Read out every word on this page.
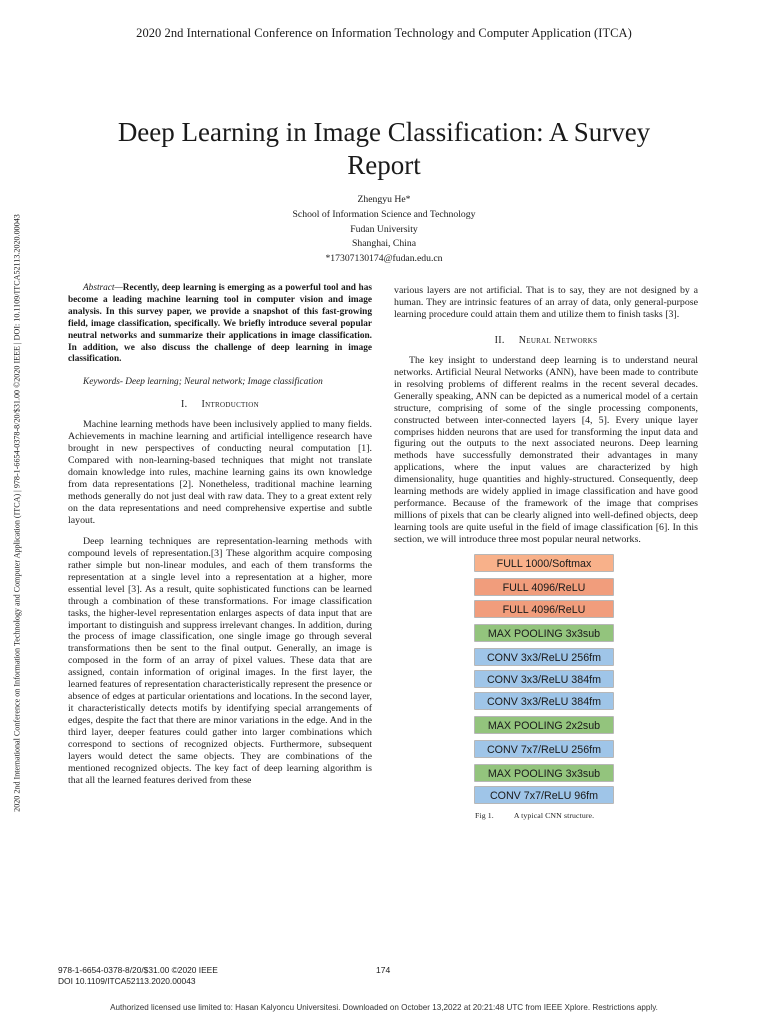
2020 2nd International Conference on Information Technology and Computer Application (ITCA)
2020 2nd International Conference on Information Technology and Computer Application (ITCA) | 978-1-6654-0378-8/20/$31.00 ©2020 IEEE | DOI: 10.1109/ITCA52113.2020.00043
Deep Learning in Image Classification: A Survey Report
Zhengyu He*
School of Information Science and Technology
Fudan University
Shanghai, China
*17307130174@fudan.edu.cn

Abstract—Recently, deep learning is emerging as a powerful tool and has become a leading machine learning tool in computer vision and image analysis. In this survey paper, we provide a snapshot of this fast-growing field, image classification, specifically. We briefly introduce several popular neutral networks and summarize their applications in image classification. In addition, we also discuss the challenge of deep learning in image classification.

Keywords- Deep learning; Neural network; Image classification

I. Introduction

Machine learning methods have been inclusively applied to many fields. Achievements in machine learning and artificial intelligence research have brought in new perspectives of conducting neural computation [1]. Compared with non-learning-based techniques that might not translate domain knowledge into rules, machine learning gains its own knowledge from data representations [2]. Nonetheless, traditional machine learning methods generally do not just deal with raw data. They to a great extent rely on the data representations and need comprehensive expertise and subtle layout.

Deep learning techniques are representation-learning methods with compound levels of representation.[3] These algorithm acquire composing rather simple but non-linear modules, and each of them transforms the representation at a single level into a representation at a higher, more essential level [3]. As a result, quite sophisticated functions can be learned through a combination of these transformations. For image classification tasks, the higher-level representation enlarges aspects of data input that are important to distinguish and suppress irrelevant changes. In addition, during the process of image classification, one single image go through several transformations then be sent to the final output. Generally, an image is composed in the form of an array of pixel values. These data that are assigned, contain information of original images. In the first layer, the learned features of representation characteristically represent the presence or absence of edges at particular orientations and locations. In the second layer, it characteristically detects motifs by identifying special arrangements of edges, despite the fact that there are minor variations in the edge. And in the third layer, deeper features could gather into larger combinations which correspond to sections of recognized objects. Furthermore, subsequent layers would detect the same objects. They are combinations of the mentioned recognized objects. The key fact of deep learning algorithm is that all the learned features derived from these

various layers are not artificial. That is to say, they are not designed by a human. They are intrinsic features of an array of data, only general-purpose learning procedure could attain them and utilize them to finish tasks [3].

II. Neural Networks

The key insight to understand deep learning is to understand neural networks. Artificial Neural Networks (ANN), have been made to contribute in resolving problems of different realms in the recent several decades. Generally speaking, ANN can be depicted as a numerical model of a certain structure, comprising of some of the single processing components, constructed between inter-connected layers [4, 5]. Every unique layer comprises hidden neurons that are used for transforming the input data and figuring out the outputs to the next associated neurons. Deep learning methods have successfully demonstrated their advantages in many applications, where the input values are characterized by high dimensionality, huge quantities and highly-structured. Consequently, deep learning methods are widely applied in image classification and have good performance. Because of the framework of the image that comprises millions of pixels that can be clearly aligned into well-defined objects, deep learning tools are quite useful in the field of image classification [6]. In this section, we will introduce three most popular neural networks.

FULL 1000/Softmax
FULL 4096/ReLU
FULL 4096/ReLU
MAX POOLING 3x3sub
CONV 3x3/ReLU 256fm
CONV 3x3/ReLU 384fm
CONV 3x3/ReLU 384fm
MAX POOLING 2x2sub
CONV 7x7/ReLU 256fm
MAX POOLING 3x3sub
CONV 7x7/ReLU 96fm
Fig 1.	A typical CNN structure.
978-1-6654-0378-8/20/$31.00 ©2020 IEEE
DOI 10.1109/ITCA52113.2020.00043
174
Authorized licensed use limited to: Hasan Kalyoncu Universitesi. Downloaded on October 13,2022 at 20:21:48 UTC from IEEE Xplore. Restrictions apply.
